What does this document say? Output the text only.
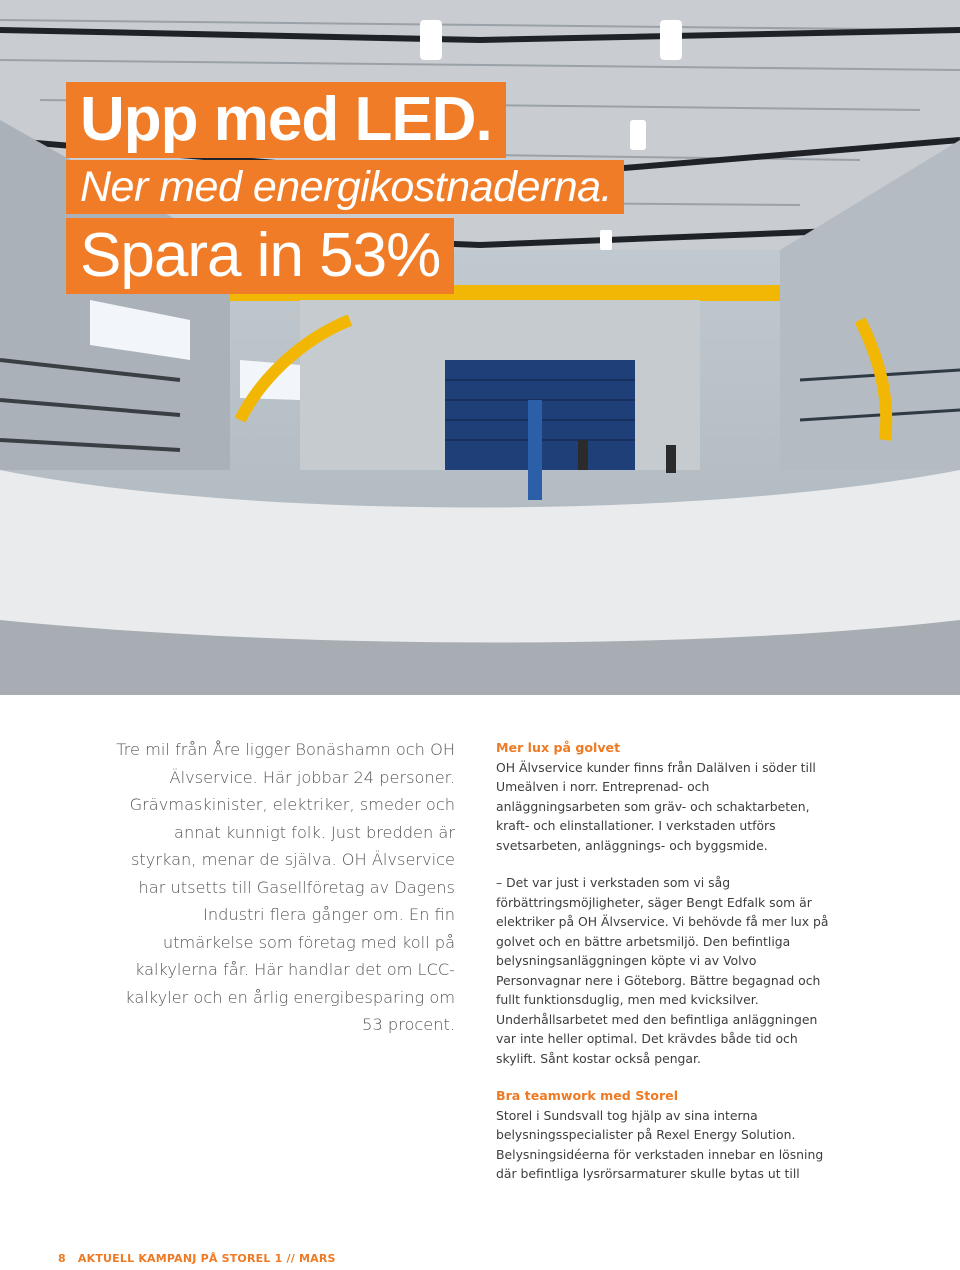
Upp med LED.
Ner med energikostnaderna.
Spara in 53%
Tre mil från Åre ligger Bonäshamn och OH Älvservice. Här jobbar 24 personer. Grävmaskinister, elektriker, smeder och annat kunnigt folk. Just bredden är styrkan, menar de själva. OH Älvservice har utsetts till Gasellföretag av Dagens Industri flera gånger om. En fin utmärkelse som företag med koll på kalkylerna får. Här handlar det om LCC-kalkyler och en årlig energibesparing om 53 procent.
Mer lux på golvet

OH Älvservice kunder finns från Dalälven i söder till Umeälven i norr. Entreprenad- och anläggningsarbeten som gräv- och schaktarbeten, kraft- och elinstallationer. I verkstaden utförs svetsarbeten, anläggnings- och byggsmide.

– Det var just i verkstaden som vi såg förbättringsmöjligheter, säger Bengt Edfalk som är elektriker på OH Älvservice. Vi behövde få mer lux på golvet och en bättre arbetsmiljö. Den befintliga belysningsanläggningen köpte vi av Volvo Personvagnar nere i Göteborg. Bättre begagnad och fullt funktionsduglig, men med kvicksilver. Underhållsarbetet med den befintliga anläggningen var inte heller optimal. Det krävdes både tid och skylift. Sånt kostar också pengar.

Bra teamwork med Storel

Storel i Sundsvall tog hjälp av sina interna belysningsspecialister på Rexel Energy Solution. Belysningsidéerna för verkstaden innebar en lösning där befintliga lysrörsarmaturer skulle bytas ut till

8 AKTUELL KAMPANJ PÅ STOREL 1 // MARS
